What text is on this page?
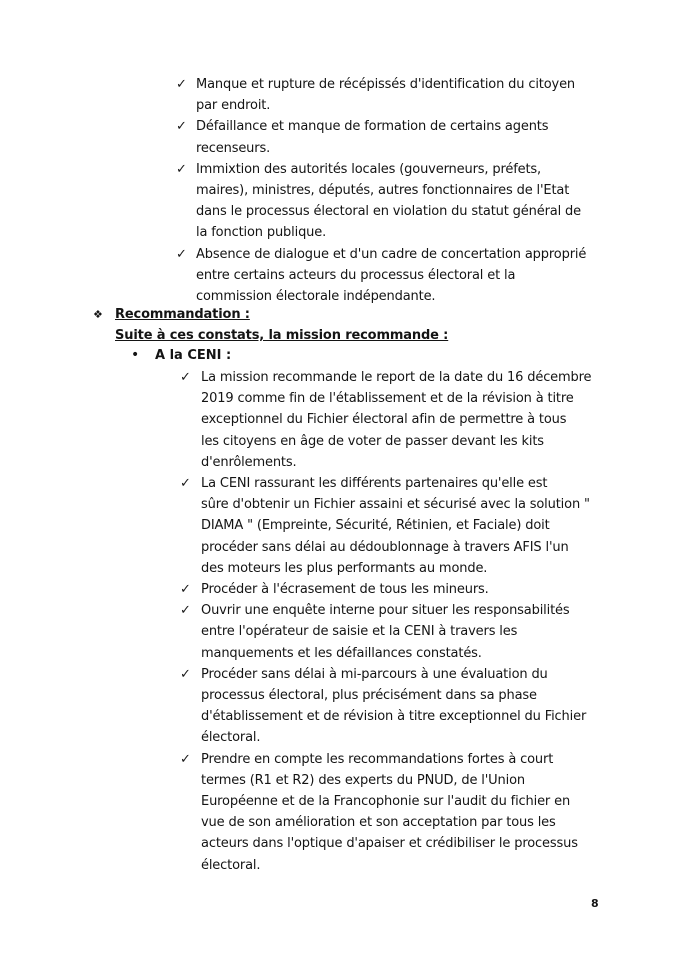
✓ Manque et rupture de récépissés d'identification du citoyen
par endroit.
✓ Défaillance et manque de formation de certains agents
recenseurs.
✓ Immixtion des autorités locales (gouverneurs, préfets,
maires), ministres, députés, autres fonctionnaires de l'Etat
dans le processus électoral en violation du statut général de
la fonction publique.
✓ Absence de dialogue et d'un cadre de concertation approprié
entre certains acteurs du processus électoral et la
commission électorale indépendante.
❖ Recommandation :
Suite à ces constats, la mission recommande :
• A la CENI :
✓ La mission recommande le report de la date du 16 décembre
2019 comme fin de l'établissement et de la révision à titre
exceptionnel du Fichier électoral afin de permettre à tous
les citoyens en âge de voter de passer devant les kits
d'enrôlements.
✓ La CENI rassurant les différents partenaires qu'elle est
sûre d'obtenir un Fichier assaini et sécurisé avec la solution "
DIAMA " (Empreinte, Sécurité, Rétinien, et Faciale) doit
procéder sans délai au dédoublonnage à travers AFIS l'un
des moteurs les plus performants au monde.
✓ Procéder à l'écrasement de tous les mineurs.
✓ Ouvrir une enquête interne pour situer les responsabilités
entre l'opérateur de saisie et la CENI à travers les
manquements et les défaillances constatés.
✓ Procéder sans délai à mi-parcours à une évaluation du
processus électoral, plus précisément dans sa phase
d'établissement et de révision à titre exceptionnel du Fichier
électoral.
✓ Prendre en compte les recommandations fortes à court
termes (R1 et R2) des experts du PNUD, de l'Union
Européenne et de la Francophonie sur l'audit du fichier en
vue de son amélioration et son acceptation par tous les
acteurs dans l'optique d'apaiser et crédibiliser le processus
électoral.
8
